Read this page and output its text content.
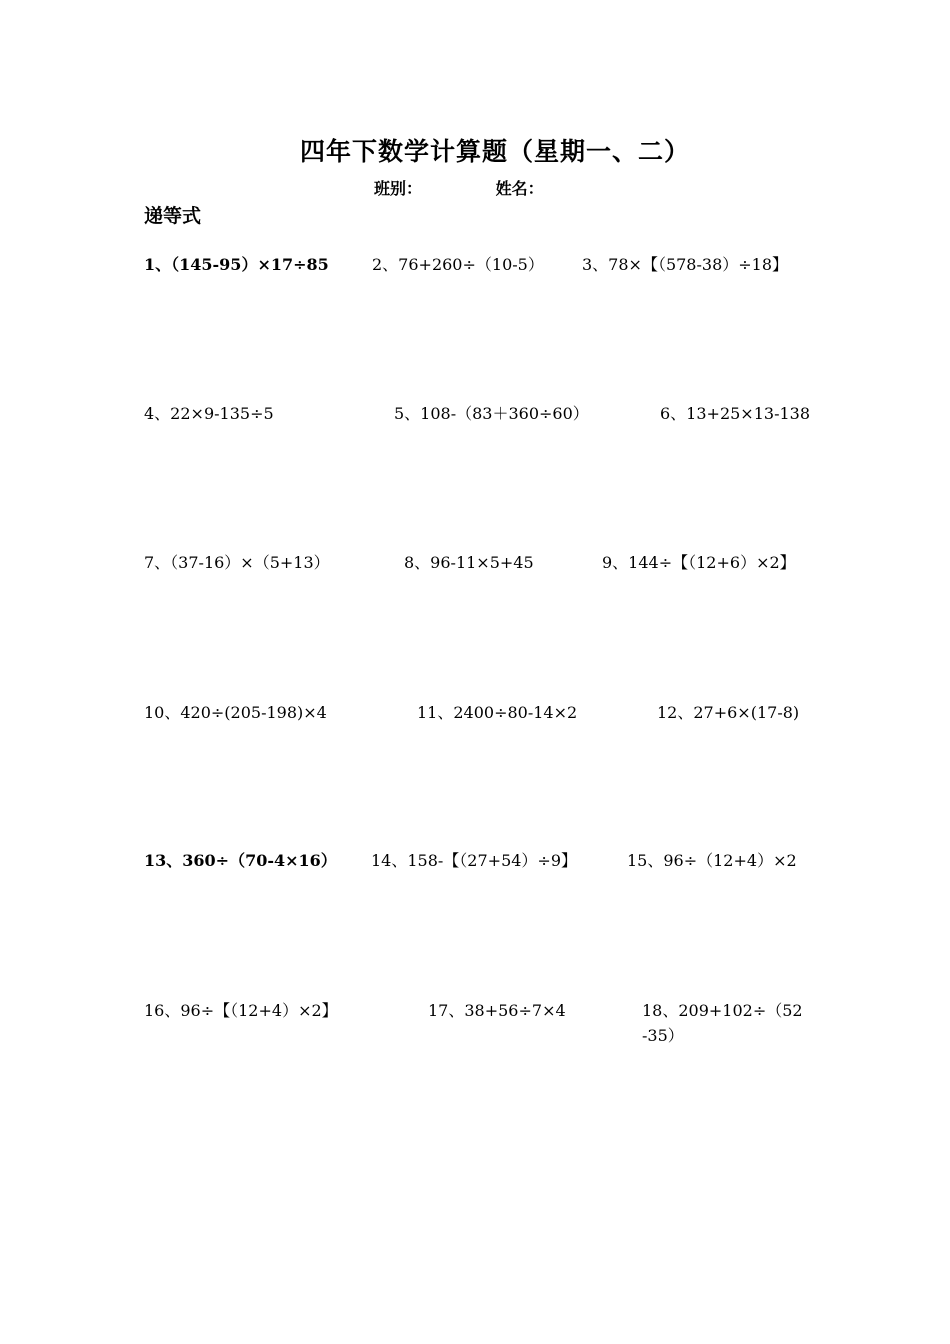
四年下数学计算题（星期一、二）
班别：	姓名：
递等式
1、（145-95）×17÷85	2、76+260÷（10-5） 3、78×【（578-38）÷18】
4、22×9-135÷5	5、108-（83＋360÷60）	6、13+25×13-138
7、（37-16）×（5+13）	8、96-11×5+45	9、144÷【（12+6）×2】
10、420÷(205-198)×4	11、2400÷80-14×2	12、27+6×(17-8)
13、360÷（70-4×16） 14、158-【（27+54）÷9】	15、96÷（12+4）×2
16、96÷【（12+4）×2】	17、38+56÷7×4	18、209+102÷（52-35）
